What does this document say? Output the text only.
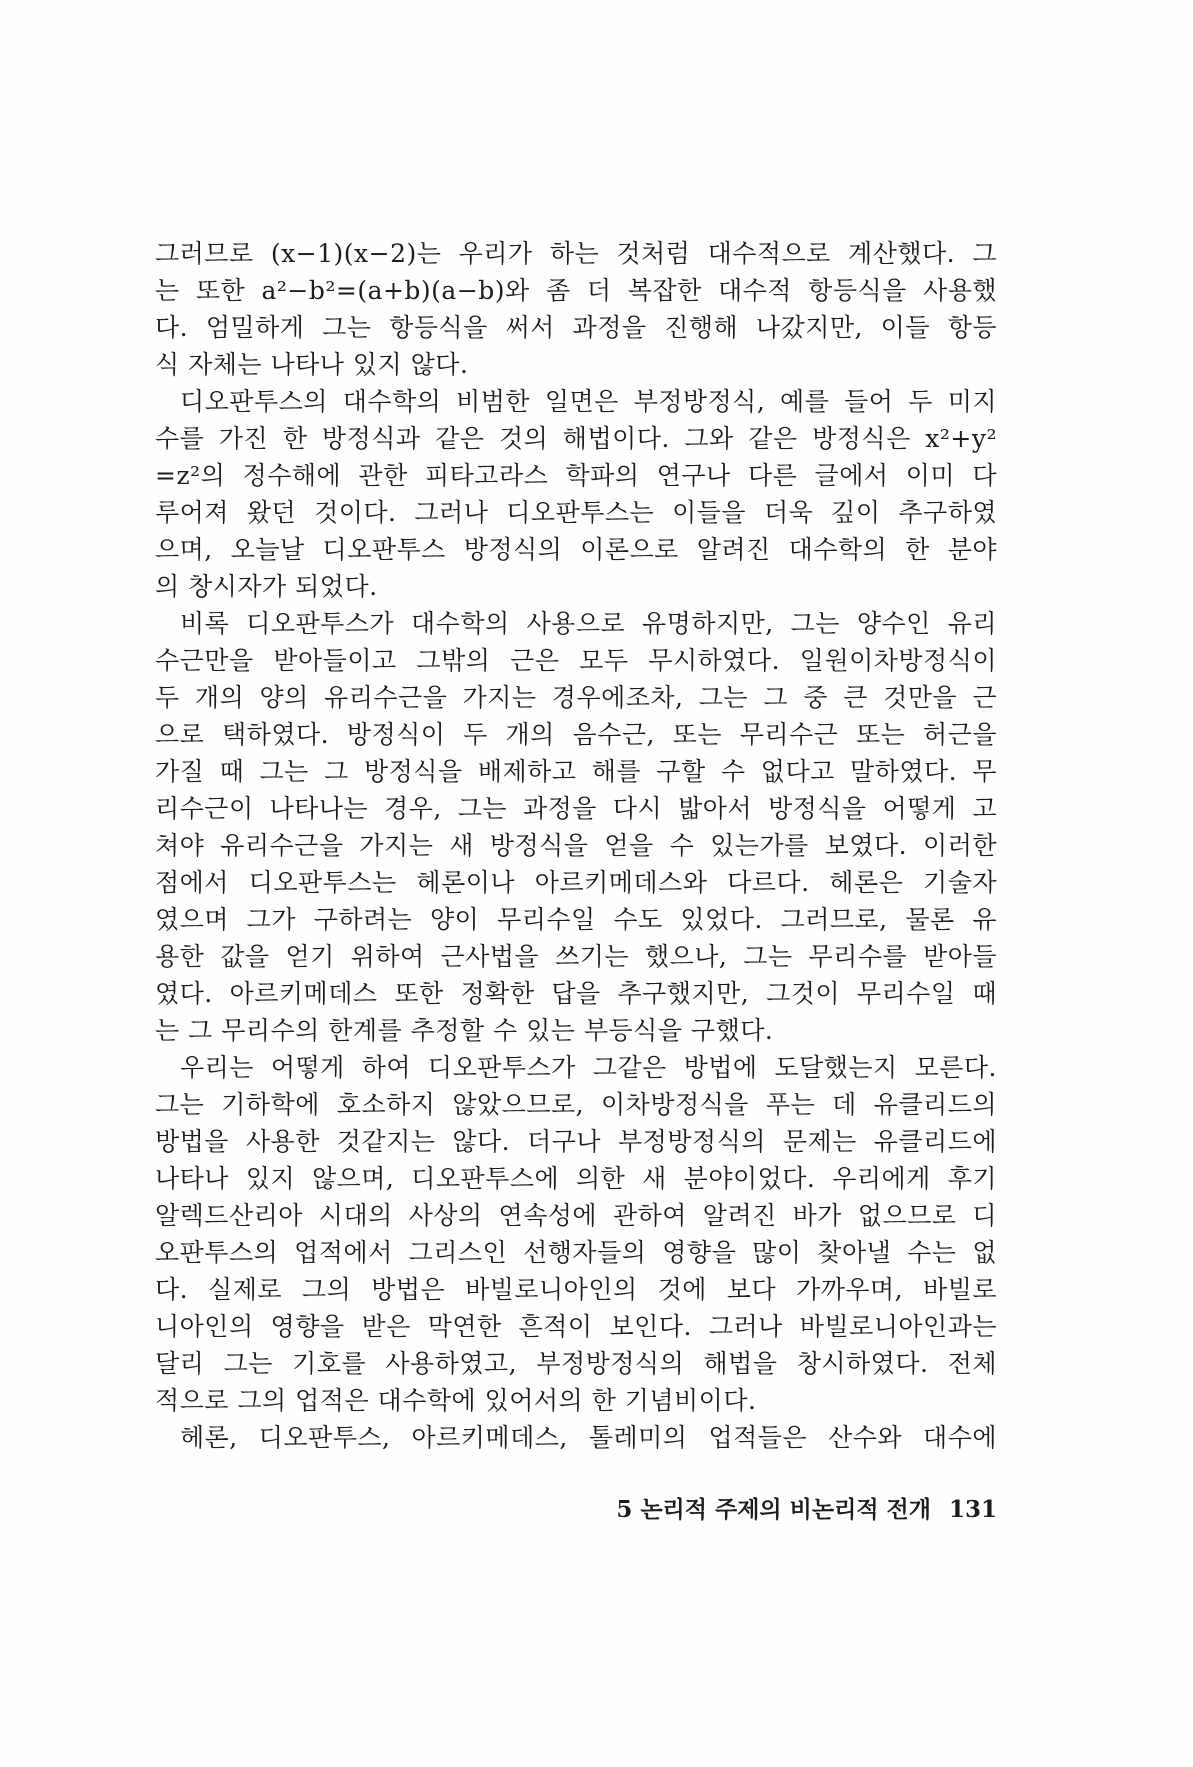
그러므로 (x−1)(x−2)는 우리가 하는 것처럼 대수적으로 계산했다. 그
는 또한 a²−b²=(a+b)(a−b)와 좀 더 복잡한 대수적 항등식을 사용했
다. 엄밀하게 그는 항등식을 써서 과정을 진행해 나갔지만, 이들 항등
식 자체는 나타나 있지 않다.
디오판투스의 대수학의 비범한 일면은 부정방정식, 예를 들어 두 미지
수를 가진 한 방정식과 같은 것의 해법이다. 그와 같은 방정식은 x²+y²
=z²의 정수해에 관한 피타고라스 학파의 연구나 다른 글에서 이미 다
루어져 왔던 것이다. 그러나 디오판투스는 이들을 더욱 깊이 추구하였
으며, 오늘날 디오판투스 방정식의 이론으로 알려진 대수학의 한 분야
의 창시자가 되었다.
비록 디오판투스가 대수학의 사용으로 유명하지만, 그는 양수인 유리
수근만을 받아들이고 그밖의 근은 모두 무시하였다. 일원이차방정식이
두 개의 양의 유리수근을 가지는 경우에조차, 그는 그 중 큰 것만을 근
으로 택하였다. 방정식이 두 개의 음수근, 또는 무리수근 또는 허근을
가질 때 그는 그 방정식을 배제하고 해를 구할 수 없다고 말하였다. 무
리수근이 나타나는 경우, 그는 과정을 다시 밟아서 방정식을 어떻게 고
쳐야 유리수근을 가지는 새 방정식을 얻을 수 있는가를 보였다. 이러한
점에서 디오판투스는 헤론이나 아르키메데스와 다르다. 헤론은 기술자
였으며 그가 구하려는 양이 무리수일 수도 있었다. 그러므로, 물론 유
용한 값을 얻기 위하여 근사법을 쓰기는 했으나, 그는 무리수를 받아들
였다. 아르키메데스 또한 정확한 답을 추구했지만, 그것이 무리수일 때
는 그 무리수의 한계를 추정할 수 있는 부등식을 구했다.
우리는 어떻게 하여 디오판투스가 그같은 방법에 도달했는지 모른다.
그는 기하학에 호소하지 않았으므로, 이차방정식을 푸는 데 유클리드의
방법을 사용한 것같지는 않다. 더구나 부정방정식의 문제는 유클리드에
나타나 있지 않으며, 디오판투스에 의한 새 분야이었다. 우리에게 후기
알렉드산리아 시대의 사상의 연속성에 관하여 알려진 바가 없으므로 디
오판투스의 업적에서 그리스인 선행자들의 영향을 많이 찾아낼 수는 없
다. 실제로 그의 방법은 바빌로니아인의 것에 보다 가까우며, 바빌로
니아인의 영향을 받은 막연한 흔적이 보인다. 그러나 바빌로니아인과는
달리 그는 기호를 사용하였고, 부정방정식의 해법을 창시하였다. 전체
적으로 그의 업적은 대수학에 있어서의 한 기념비이다.
헤론, 디오판투스, 아르키메데스, 톨레미의 업적들은 산수와 대수에
5 논리적 주제의 비논리적 전개 131
